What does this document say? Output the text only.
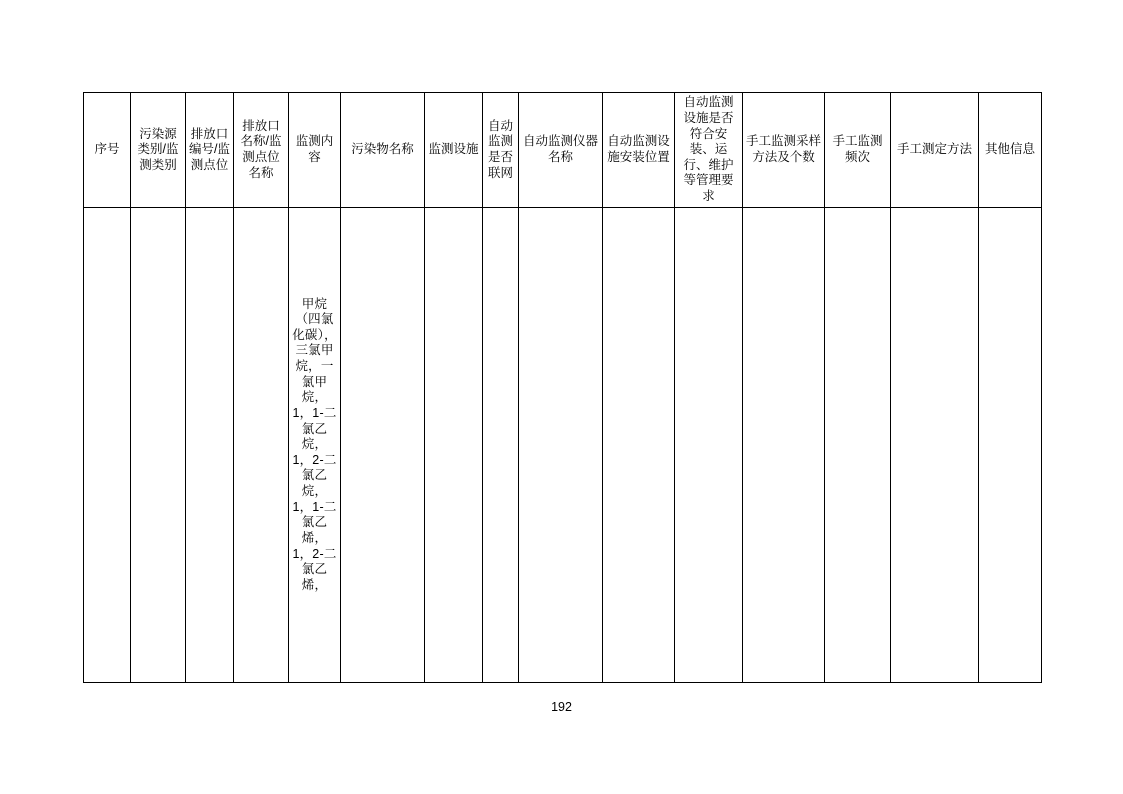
序号	污染源类别/监测类别	排放口编号/监测点位	排放口名称/监测点位名称	监测内容	污染物名称	监测设施	自动监测是否联网	自动监测仪器名称	自动监测设施安装位置	自动监测设施是否符合安装、运行、维护等管理要求	手工监测采样方法及个数	手工监测频次	手工测定方法	其他信息
				甲烷（四氯化碳），三氯甲烷，一氯甲烷，1，1-二氯乙烷，1，2-二氯乙烷，1，1-二氯乙烯，1，2-二氯乙烯，										
192
